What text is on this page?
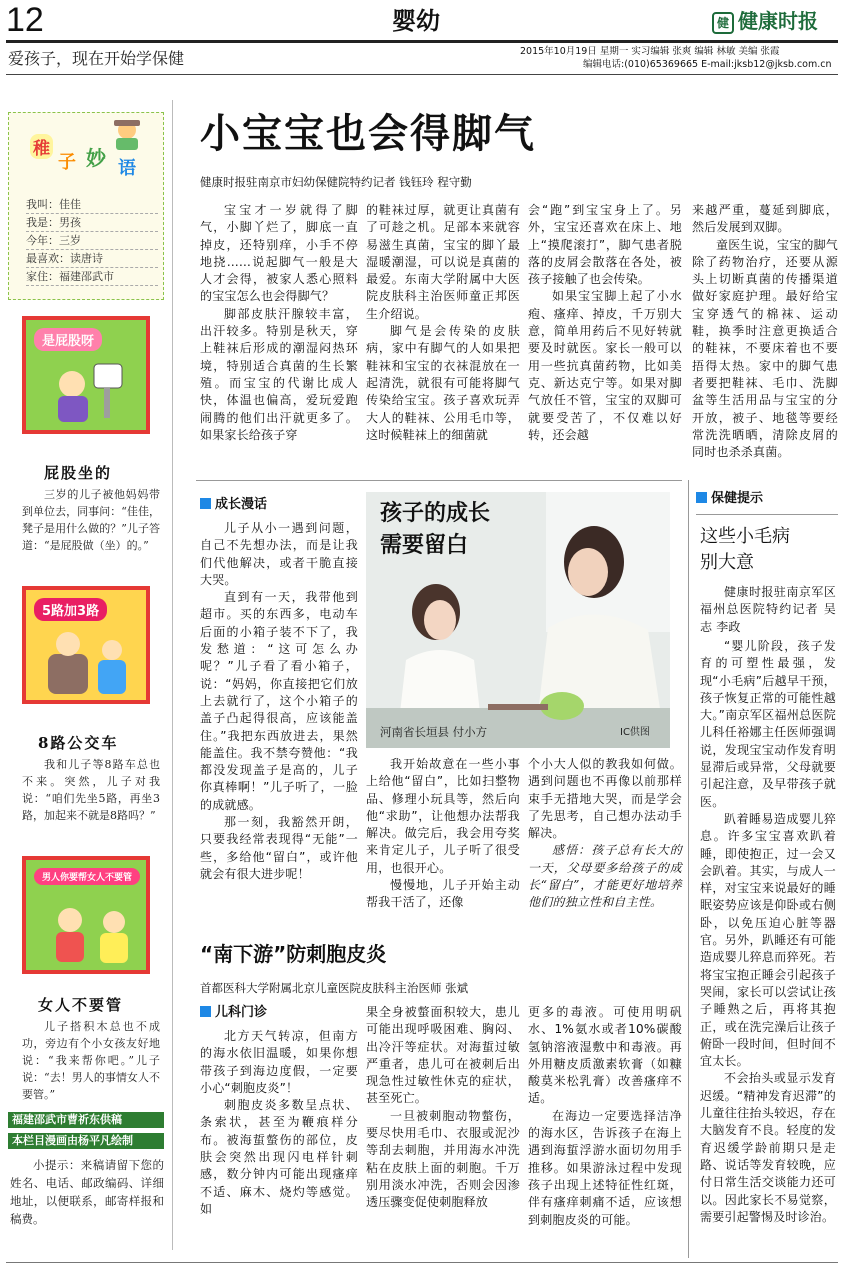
12	婴幼	健 健康时报
爱孩子，现在开始学保健	2015年10月19日 星期一 实习编辑 张爽 编辑 林敏 美编 张霞
编辑电话:(010)65369665 E-mail:jksb12@jksb.com.cn
稚
子 妙 语
我叫：佳佳
我是：男孩
今年：三岁
最喜欢：读唐诗
家住：福建邵武市
是屁股呀
屁股坐的
三岁的儿子被他妈妈带到单位去，同事问：“佳佳，凳子是用什么做的？”儿子答道：“是屁股做（坐）的。”
5路加3路
8路公交车
我和儿子等8路车总也不来。突然，儿子对我说：“咱们先坐5路，再坐3路，加起来不就是8路吗？”
男人你要帮女人不要管
女人不要管
儿子搭积木总也不成功，旁边有个小女孩友好地说：“我来帮你吧。”儿子说：“去！男人的事情女人不要管。”
福建邵武市曹祈东供稿
本栏目漫画由杨平凡绘制
小提示：来稿请留下您的姓名、电话、邮政编码、详细地址，以便联系，邮寄样报和稿费。
小宝宝也会得脚气
健康时报驻南京市妇幼保健院特约记者 钱钰玲 程守勤

宝宝才一岁就得了脚气，小脚丫烂了，脚底一直掉皮，还特别痒，小手不停地挠……说起脚气一般是大人才会得，被家人悉心照料的宝宝怎么也会得脚气？

脚部皮肤汗腺较丰富，出汗较多。特别是秋天，穿上鞋袜后形成的潮湿闷热环境，特别适合真菌的生长繁殖。而宝宝的代谢比成人快，体温也偏高，爱玩爱跑闹腾的他们出汗就更多了。如果家长给孩子穿

的鞋袜过厚，就更让真菌有了可趁之机。足部本来就容易滋生真菌，宝宝的脚丫最湿暖潮湿，可以说是真菌的最爱。东南大学附属中大医院皮肤科主治医师童正邦医生介绍说。

脚气是会传染的皮肤病，家中有脚气的人如果把鞋袜和宝宝的衣袜混放在一起清洗，就很有可能将脚气传染给宝宝。孩子喜欢玩弄大人的鞋袜、公用毛巾等，这时候鞋袜上的细菌就

会“跑”到宝宝身上了。另外，宝宝还喜欢在床上、地上“摸爬滚打”，脚气患者脱落的皮屑会散落在各处，被孩子接触了也会传染。

如果宝宝脚上起了小水疱、瘙痒、掉皮，千万别大意，简单用药后不见好转就要及时就医。家长一般可以用一些抗真菌药物，比如美克、新达克宁等。如果对脚气放任不管，宝宝的双脚可就要受苦了，不仅难以好转，还会越

来越严重，蔓延到脚底，然后发展到双脚。

童医生说，宝宝的脚气除了药物治疗，还要从源头上切断真菌的传播渠道做好家庭护理。最好给宝宝穿透气的棉袜、运动鞋，换季时注意更换适合的鞋袜，不要床着也不要捂得太热。家中的脚气患者要把鞋袜、毛巾、洗脚盆等生活用品与宝宝的分开放，被子、地毯等要经常洗洗晒晒，清除皮屑的同时也杀杀真菌。

成长漫话

儿子从小一遇到问题，自己不先想办法，而是让我们代他解决，或者干脆直接大哭。

直到有一天，我带他到超市。买的东西多，电动车后面的小箱子装不下了，我发愁道：“这可怎么办呢？”儿子看了看小箱子，说：“妈妈，你直接把它们放上去就行了，这个小箱子的盖子凸起得很高，应该能盖住。”我把东西放进去，果然能盖住。我不禁夸赞他：“我都没发现盖子是高的，儿子你真棒啊！”儿子听了，一脸的成就感。

那一刻，我豁然开朗，只要我经常表现得“无能”一些，多给他“留白”，或许他就会有很大进步呢！

孩子的成长
需要留白
河南省长垣县 付小方	IC供图

我开始故意在一些小事上给他“留白”，比如扫整物品、修理小玩具等，然后向他“求助”，让他想办法帮我解决。做完后，我会用夸奖来肯定儿子，儿子听了很受用，也很开心。

慢慢地，儿子开始主动帮我干活了，还像

个小大人似的教我如何做。遇到问题也不再像以前那样束手无措地大哭，而是学会了先思考，自己想办法动手解决。

感悟：孩子总有长大的一天，父母要多给孩子的成长“留白”，才能更好地培养他们的独立性和自主性。

保健提示
这些小毛病
别大意
健康时报驻南京军区福州总医院特约记者 吴志 李政

“婴儿阶段，孩子发育的可塑性最强，发现“小毛病”后越早干预，孩子恢复正常的可能性越大。”南京军区福州总医院儿科任裕娜主任医师强调说，发现宝宝动作发育明显滞后或异常，父母就要引起注意，及早带孩子就医。

趴着睡易造成婴儿猝息。许多宝宝喜欢趴着睡，即使抱正，过一会又会趴着。其实，与成人一样，对宝宝来说最好的睡眠姿势应该是仰卧或右侧卧，以免压迫心脏等器官。另外，趴睡还有可能造成婴儿猝息而猝死。若将宝宝抱正睡会引起孩子哭闹，家长可以尝试让孩子睡熟之后，再将其抱正，或在洗完澡后让孩子俯卧一段时间，但时间不宜太长。

不会抬头或显示发育迟缓。“精神发育迟滞”的儿童往往抬头较迟，存在大脑发育不良。轻度的发育迟缓学龄前期只是走路、说话等发育较晚，应付日常生活交谈能力还可以。因此家长不易觉察，需要引起警惕及时诊治。

“南下游”防刺胞皮炎
首都医科大学附属北京儿童医院皮肤科主治医师 张斌
儿科门诊

北方天气转凉，但南方的海水依旧温暖，如果你想带孩子到海边度假，一定要小心“刺胞皮炎”！

刺胞皮炎多数呈点状、条索状，甚至为鞭痕样分布。被海蜇螫伤的部位，皮肤会突然出现闪电样针刺感，数分钟内可能出现瘙痒不适、麻木、烧灼等感觉。如

果全身被螫面积较大，患儿可能出现呼吸困难、胸闷、出冷汗等症状。对海蜇过敏严重者，患儿可在被刺后出现急性过敏性休克的症状，甚至死亡。

一旦被刺胞动物螫伤，要尽快用毛巾、衣服或泥沙等刮去刺胞，并用海水冲洗粘在皮肤上面的刺胞。千万别用淡水冲洗，否则会因渗透压骤变促使刺胞释放

更多的毒液。可使用明矾水、1%氨水或者10%碳酸氢钠溶液湿敷中和毒液。再外用糖皮质激素软膏（如糠酸莫米松乳膏）改善瘙痒不适。

在海边一定要选择洁净的海水区，告诉孩子在海上遇到海蜇浮游水面切勿用手推移。如果游泳过程中发现孩子出现上述特征性红斑，伴有瘙痒刺痛不适，应该想到刺胞皮炎的可能。
